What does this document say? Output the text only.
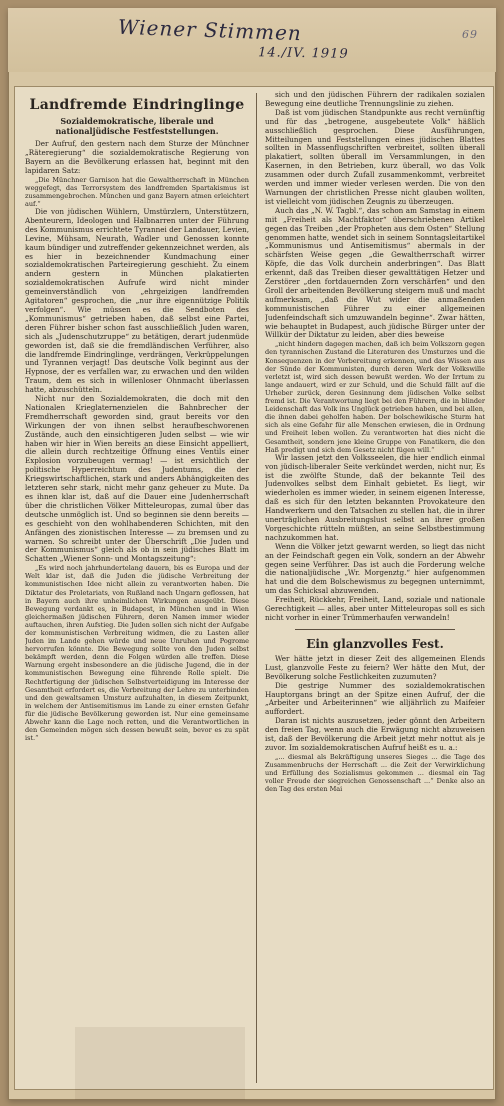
Wiener Stimmen
14./IV. 1919
69
Landfremde Eindringlinge
Sozialdemokratische, liberale und nationaljüdische Festfeststellungen.

Der Aufruf, den gestern nach dem Sturze der Münchner „Räteregierung“ die sozialdemokratische Regierung von Bayern an die Bevölkerung erlassen hat, beginnt mit den lapidaren Satz:

„Die Münchner Garnison hat die Gewaltherrschaft in München weggefegt, das Terrorsystem des landfremden Spartakismus ist zusammengebrochen. München und ganz Bayern atmen erleichtert auf.“

Die von jüdischen Wühlern, Umstürzlern, Unterstützern, Abenteurern, Ideologen und Halbnarren unter der Führung des Kommunismus errichtete Tyrannei der Landauer, Levien, Levine, Mühsam, Neurath, Wadler und Genossen konnte kaum bündiger und zutreffender gekennzeichnet werden, als es hier in bezeichnender Kundmachung einer sozialdemokratischen Parteiregierung geschieht. Zu einem andern gestern in München plakatierten sozialdemokratischen Aufrufe wird nicht minder gemeinverständlich von „ehrgeizigen landfremden Agitatoren“ gesprochen, die „nur ihre eigennützige Politik verfolgen“. Wie müssen es die Sendboten des „Kommunismus“ getrieben haben, daß selbst eine Partei, deren Führer bisher schon fast ausschließlich Juden waren, sich als „Judenschutzruppe“ zu betätigen, derart judenmüde geworden ist, daß sie die fremdländischen Verführer, also die landfremde Eindringlinge, verdrängen, Verkrüppelungen und Tyrannen verjagt! Das deutsche Volk beginnt aus der Hypnose, der es verfallen war, zu erwachen und den wilden Traum, dem es sich in willenloser Ohnmacht überlassen hatte, abzuschütteln.

Nicht nur den Sozialdemokraten, die doch mit den Nationalen Krieglaternenzielen die Bahnbrecher der Fremdherrschaft geworden sind, graut bereits vor den Wirkungen der von ihnen selbst heraufbeschworenen Zustände, auch den einsichtigeren Juden selbst — wie wir haben wir hier in Wien bereits an diese Einsicht appelliert, die allein durch rechtzeitige Öffnung eines Ventils einer Explosion vorzubeugen vermag! — ist ersichtlich der politische Hyperreichtum des Judentums, die der Kriegswirtschaftlichen, stark und anders Abhängigkeiten des letzteren sehr stark, nicht mehr ganz geheuer zu Mute. Da es ihnen klar ist, daß auf die Dauer eine Judenherrschaft über die christlichen Völker Mitteleuropas, zumal über das deutsche unmöglich ist. Und so beginnen sie denn bereits — es geschieht von den wohlhabenderen Schichten, mit den Anfängen des zionistischen Interesse — zu bremsen und zu warnen. So schreibt unter der Überschrift „Die Juden und der Kommunismus“ gleich als ob in sein jüdisches Blatt im Schatten „Wiener Sonn- und Montagszeitung“:

„Es wird noch jahrhundertelang dauern, bis es Europa und der Welt klar ist, daß die Juden die jüdische Verbreitung der kommunistischen Idee nicht allein zu verantworten haben. Die Diktatur des Proletariats, von Rußland nach Ungarn geflossen, hat in Bayern auch ihre unheimlichen Wirkungen ausgeübt. Diese Bewegung verdankt es, in Budapest, in München und in Wien gleichermaßen jüdischen Führern, deren Namen immer wieder auftauchen, ihren Aufstieg. Die Juden sollen sich nicht der Aufgabe der kommunistischen Verbreitung widmen, die zu Lasten aller Juden im Lande gehen würde und neue Unruhen und Pogrome hervorrufen könnte. Die Bewegung sollte von den Juden selbst bekämpft werden, denn die Folgen würden alle treffen. Diese Warnung ergeht insbesondere an die jüdische Jugend, die in der kommunistischen Bewegung eine führende Rolle spielt. Die Rechtfertigung der jüdischen Selbstverteidigung im Interesse der Gesamtheit erfordert es, die Verbreitung der Lehre zu unterbinden und den gewaltsamen Umsturz aufzuhalten, in diesem Zeitpunkt, in welchem der Antisemitismus im Lande zu einer ernsten Gefahr für die jüdische Bevölkerung geworden ist. Nur eine gemeinsame Abwehr kann die Lage noch retten, und die Verantwortlichen in den Gemeinden mögen sich dessen bewußt sein, bevor es zu spät ist.“

sich und den jüdischen Führern der radikalen sozialen Bewegung eine deutliche Trennungslinie zu ziehen.

Daß ist vom jüdischen Standpunkte aus recht vernünftig und für das „betrogene, ausgebeutete Volk“ häßlich ausschließlich gesprochen. Diese Ausführungen, Mitteilungen und Feststellungen eines jüdischen Blattes sollten in Massenflugschriften verbreitet, sollten überall plakatiert, sollten überall im Versammlungen, in den Kasernen, in den Betrieben, kurz überall, wo das Volk zusammen oder durch Zufall zusammenkommt, verbreitet werden und immer wieder verlesen werden. Die von den Warnungen der christlichen Presse nicht glauben wollten, ist vielleicht vom jüdischen Zeugnis zu überzeugen.

Auch das „N. W. Tagbl.“, das schon am Samstag in einem mit „Freiheit als Machtfaktor“ überschriebenen Artikel gegen das Treiben „der Propheten aus dem Osten“ Stellung genommen hatte, wendet sich in seinem Sonntagsleitartikel „Kommunismus und Antisemitismus“ abermals in der schärfsten Weise gegen „die Gewaltherrschaft wirrer Köpfe, die das Volk durchein anderbringen“. Das Blatt erkennt, daß das Treiben dieser gewalttätigen Hetzer und Zerstörer „den fortdauernden Zorn verschärfen“ und den Groll der arbeitenden Bevölkerung steigern muß und macht aufmerksam, „daß die Wut wider die anmaßenden kommunistischen Führer zu einer allgemeinen Judenfeindschaft sich umzuwandeln beginne“. Zwar hätten, wie behauptet in Budapest, auch jüdische Bürger unter der Willkür der Diktatur zu leiden, aber dies beweise

„nicht hindern dagegen machen, daß ich beim Volkszorn gegen den tyrannischen Zustand die Literaturen des Umsturzes und die Konsequenzen in der Vorbereitung erkennen, und das Wissen aus der Sünde der Kommunisten, durch deren Werk der Volkswille verletzt ist, wird sich dessen bewußt werden. Wo der Irrtum zu lange andauert, wird er zur Schuld, und die Schuld fällt auf die Urheber zurück, deren Gesinnung dem jüdischen Volke selbst fremd ist. Die Verantwortung liegt bei den Führern, die in blinder Leidenschaft das Volk ins Unglück getrieben haben, und bei allen, die ihnen dabei geholfen haben. Der bolschewikische Sturm hat sich als eine Gefahr für alle Menschen erwiesen, die in Ordnung und Freiheit leben wollen. Zu verantworten hat dies nicht die Gesamtheit, sondern jene kleine Gruppe von Fanatikern, die den Haß predigt und sich dem Gesetz nicht fügen will.“

Wir lassen jetzt den Volksseelen, die hier endlich einmal von jüdisch-liberaler Seite verkündet werden, nicht nur, Es ist die zwölfte Stunde, daß der bekannte Teil des Judenvolkes selbst dem Einhalt gebietet. Es liegt, wir wiederholen es immer wieder, in seinem eigenen Interesse, daß es sich für den letzten bekannten Provokateure den Handwerkern und den Tatsachen zu stellen hat, die in ihrer unerträglichen Ausbreitungslust selbst an ihrer großen Vorgeschichte rütteln müßten, an seine Selbstbestimmung nachzukommen hat.

Wenn die Völker jetzt gewarnt werden, so liegt das nicht an der Feindschaft gegen ein Volk, sondern an der Abwehr gegen seine Verführer. Das ist auch die Forderung welche die nationaljüdische „Wr. Morgenztg.“ hier aufgenommen hat und die dem Bolschewismus zu begegnen unternimmt, um das Schicksal abzuwenden.

Freiheit, Rückkehr, Freiheit, Land, soziale und nationale Gerechtigkeit — alles, aber unter Mitteleuropas soll es sich nicht vorher in einer Trümmerhaufen verwandeln!

Ein glanzvolles Fest.

Wer hätte jetzt in dieser Zeit des allgemeinen Elends Lust, glanzvolle Feste zu feiern? Wer hätte den Mut, der Bevölkerung solche Festlichkeiten zuzumuten?

Die gestrige Nummer des sozialdemokratischen Hauptorgans bringt an der Spitze einen Aufruf, der die „Arbeiter und Arbeiterinnen“ wie alljährlich zu Maifeier auffordert.

Daran ist nichts auszusetzen, jeder gönnt den Arbeitern den freien Tag, wenn auch die Erwägung nicht abzuweisen ist, daß der Bevölkerung die Arbeit jetzt mehr nottut als je zuvor. Im sozialdemokratischen Aufruf heißt es u. a.:

„... diesmal als Bekräftigung unseres Sieges ... die Tage des Zusammenbruchs der Herrschaft ... die Zeit der Verwirklichung und Erfüllung des Sozialismus gekommen ... diesmal ein Tag voller Freude der siegreichen Genossenschaft ...“ Denke also an den Tag des ersten Mai
